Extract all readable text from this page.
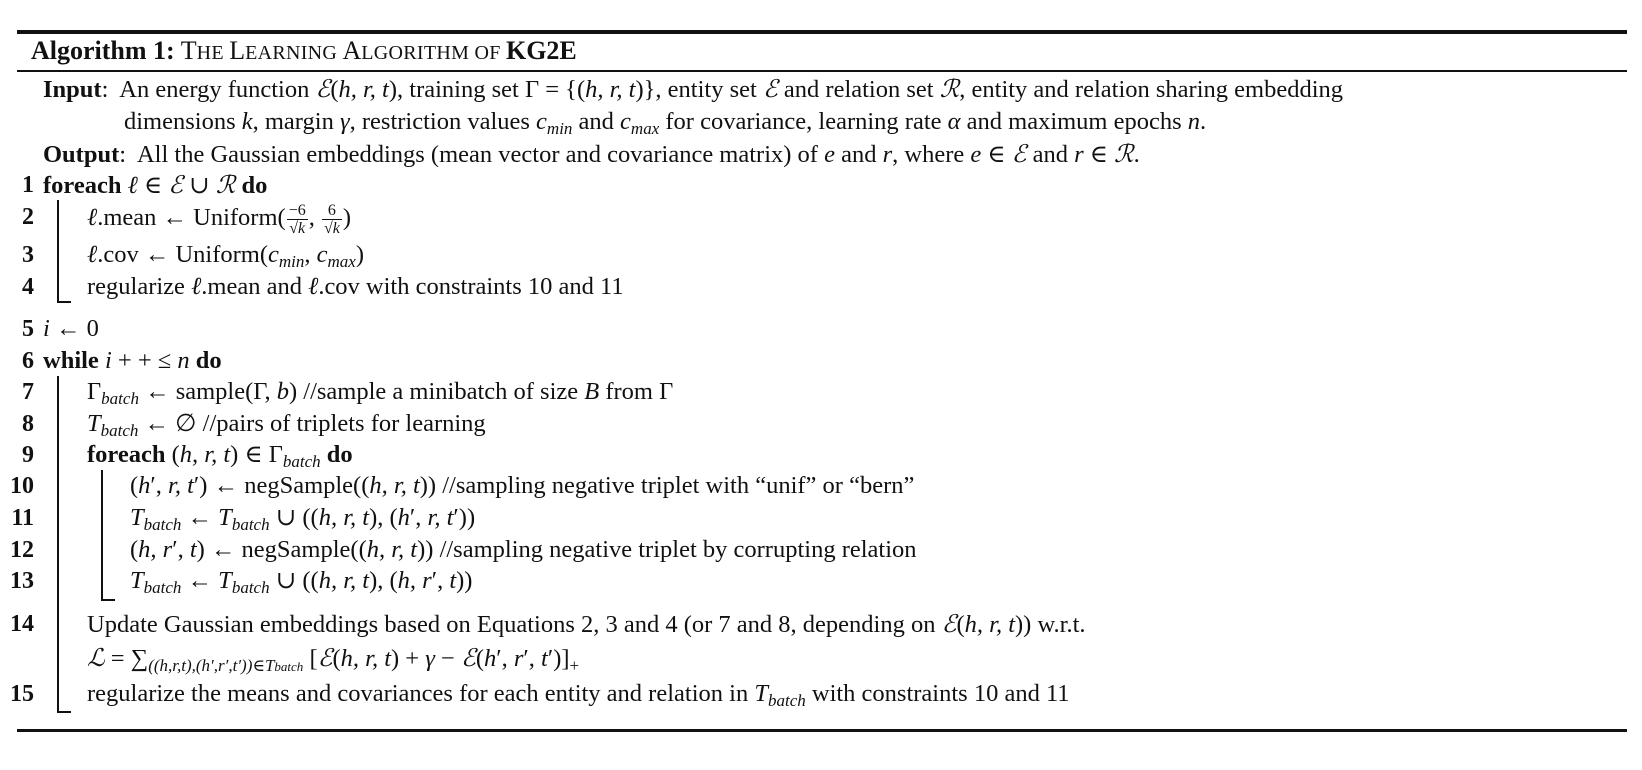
Algorithm 1: THE LEARNING ALGORITHM OF KG2E
Input:  An energy function ℰ(h, r, t), training set Γ = {(h, r, t)}, entity set ℰ and relation set ℛ, entity and relation sharing embedding
dimensions k, margin γ, restriction values $c_{min}$ and $c_{max}$ for covariance, learning rate α and maximum epochs n.
Output:  All the Gaussian embeddings (mean vector and covariance matrix) of e and r, where e ∈ ℰ and r ∈ ℛ.
1
2
3
4
5
6
7
8
9
10
11
12
13
14
15
foreach ℓ ∈ ℰ ∪ ℛ do
ℓ.mean ← Uniform( $\frac{-6}{√k}$ , $\frac{6}{√k}$ )
ℓ.cov ← $Uniform(c_{min}$, $c_{max}$)
regularize ℓ.mean and ℓ.cov with constraints 10 and 11
i ← 0
while i + + ≤ n do
$\Gamma_{batch}$ ← sample(Γ, b) //sample a minibatch of size B from Γ
$T_{batch}$ ← ∅ //pairs of triplets for learning
foreach (h, r, t) ∈ $\Gamma_{batch}$ do
(h′, r, t′) ← negSample((h, r, t)) //sampling negative triplet with “unif” or “bern”
$T_{batch}$ ← $T_{batch}$ ∪ ((h, r, t), (h′, r, t′))
(h, r′, t) ← negSample((h, r, t)) //sampling negative triplet by corrupting relation
$T_{batch}$ ← $T_{batch}$ ∪ ((h, r, t), (h, r′, t))
Update Gaussian embeddings based on Equations 2, 3 and 4 (or 7 and 8, depending on ℰ(h, r, t)) w.r.t.
ℒ = $\sum_{((h,r,t),(h',r',t'))\in Tbatch}$ [ℰ(h, r, t) + γ − ℰ(h′, r′, $t')]_+$
regularize the means and covariances for each entity and relation in $T_{batch}$ with constraints 10 and 11
